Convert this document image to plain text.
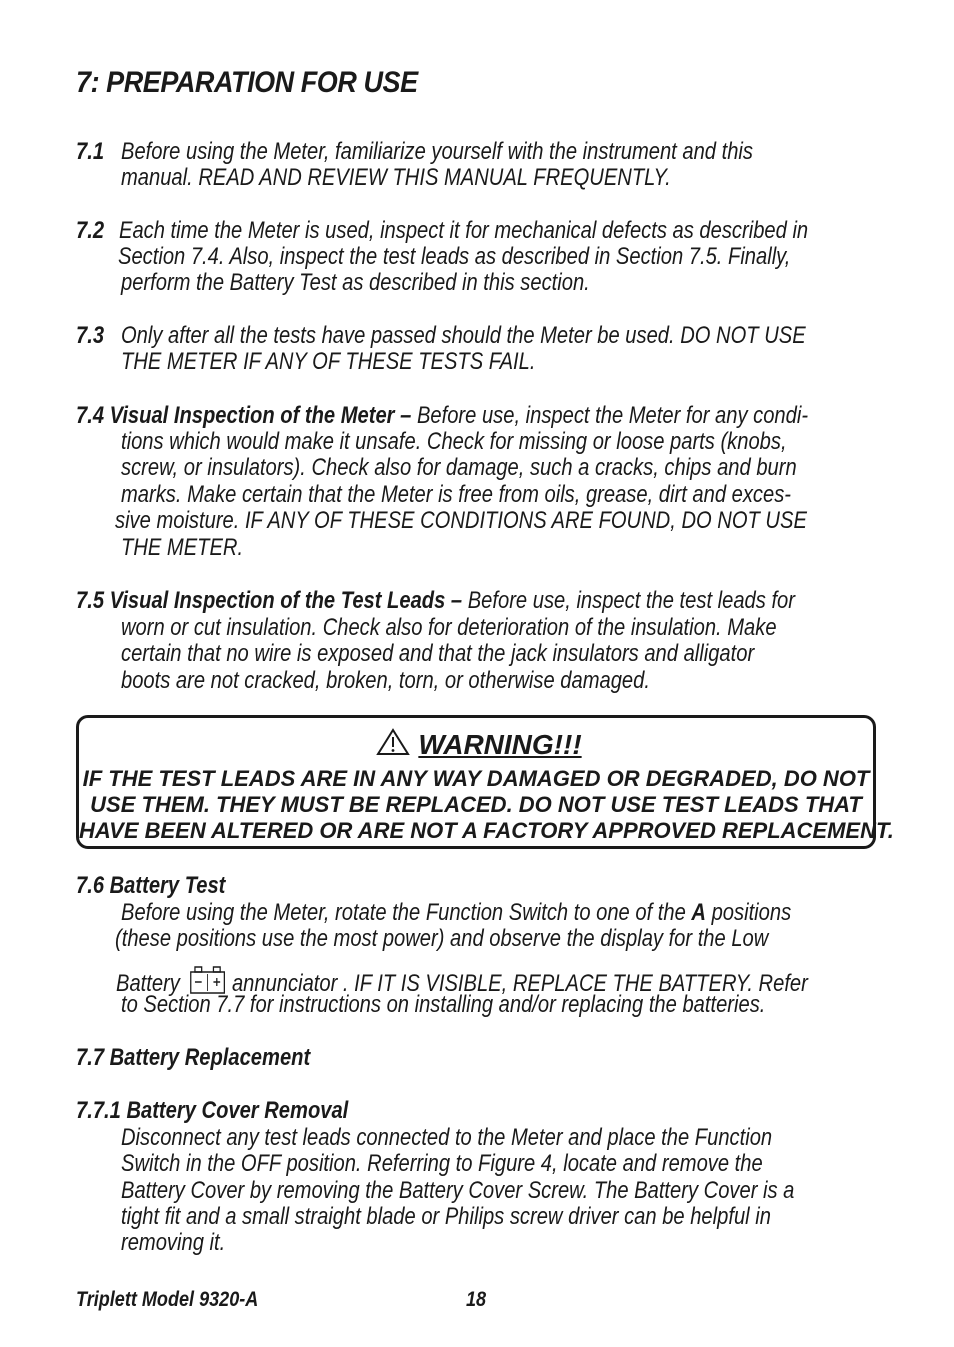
7: PREPARATION FOR USE
7.1 Before using the Meter, familiarize yourself with the instrument and this
manual. READ AND REVIEW THIS MANUAL FREQUENTLY.
7.2 Each time the Meter is used, inspect it for mechanical defects as described in
Section 7.4. Also, inspect the test leads as described in Section 7.5. Finally,
perform the Battery Test as described in this section.
7.3 Only after all the tests have passed should the Meter be used. DO NOT USE
THE METER IF ANY OF THESE TESTS FAIL.
7.4 Visual Inspection of the Meter – Before use, inspect the Meter for any condi-
tions which would make it unsafe. Check for missing or loose parts (knobs,
screw, or insulators). Check also for damage, such a cracks, chips and burn
marks. Make certain that the Meter is free from oils, grease, dirt and exces-
sive moisture. IF ANY OF THESE CONDITIONS ARE FOUND, DO NOT USE
THE METER.
7.5 Visual Inspection of the Test Leads – Before use, inspect the test leads for
worn or cut insulation. Check also for deterioration of the insulation. Make
certain that no wire is exposed and that the jack insulators and alligator
boots are not cracked, broken, torn, or otherwise damaged.
WARNING!!!
IF THE TEST LEADS ARE IN ANY WAY DAMAGED OR DEGRADED, DO NOT
USE THEM. THEY MUST BE REPLACED. DO NOT USE TEST LEADS THAT
HAVE BEEN ALTERED OR ARE NOT A FACTORY APPROVED REPLACEMENT.
7.6 Battery Test
Before using the Meter, rotate the Function Switch to one of the A positions
(these positions use the most power) and observe the display for the Low
Battery annunciator . IF IT IS VISIBLE, REPLACE THE BATTERY. Refer
to Section 7.7 for instructions on installing and/or replacing the batteries.
7.7 Battery Replacement
7.7.1 Battery Cover Removal
Disconnect any test leads connected to the Meter and place the Function
Switch in the OFF position. Referring to Figure 4, locate and remove the
Battery Cover by removing the Battery Cover Screw. The Battery Cover is a
tight fit and a small straight blade or Philips screw driver can be helpful in
removing it.
Triplett Model 9320-A	18
